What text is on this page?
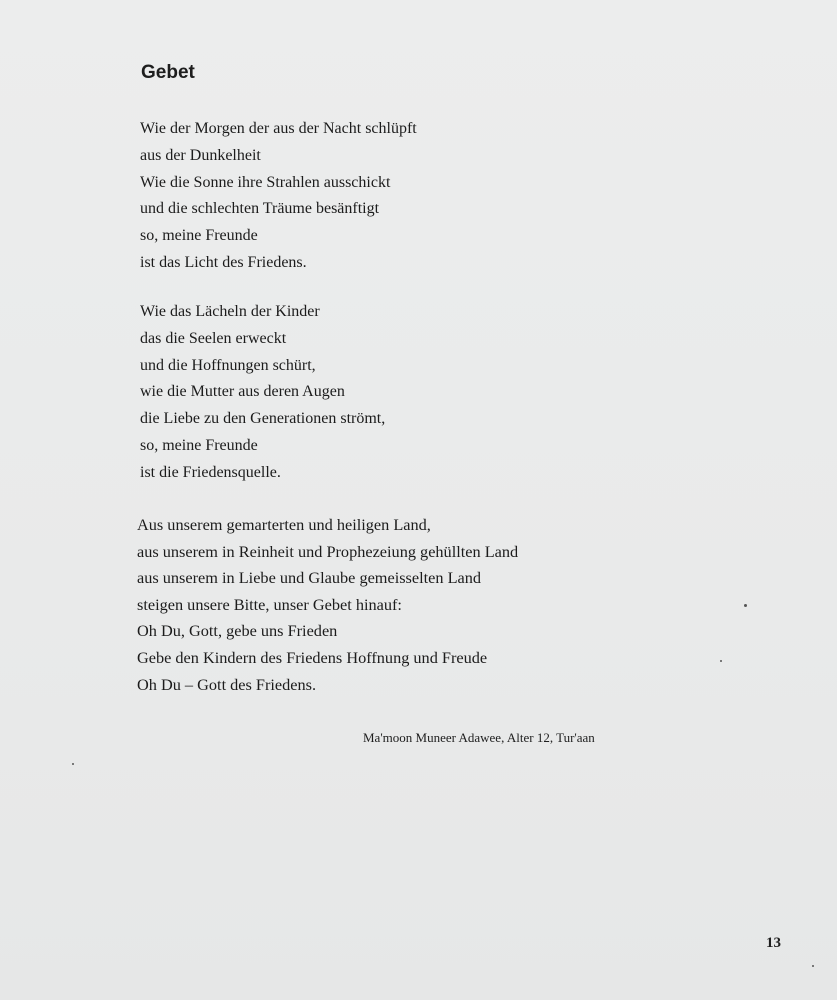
Gebet
Wie der Morgen der aus der Nacht schlüpft
aus der Dunkelheit
Wie die Sonne ihre Strahlen ausschickt
und die schlechten Träume besänftigt
so, meine Freunde
ist das Licht des Friedens.
Wie das Lächeln der Kinder
das die Seelen erweckt
und die Hoffnungen schürt,
wie die Mutter aus deren Augen
die Liebe zu den Generationen strömt,
so, meine Freunde
ist die Friedensquelle.
Aus unserem gemarterten und heiligen Land,
aus unserem in Reinheit und Prophezeiung gehüllten Land
aus unserem in Liebe und Glaube gemeisselten Land
steigen unsere Bitte, unser Gebet hinauf:
Oh Du, Gott, gebe uns Frieden
Gebe den Kindern des Friedens Hoffnung und Freude
Oh Du – Gott des Friedens.
Ma'moon Muneer Adawee, Alter 12, Tur'aan
13
